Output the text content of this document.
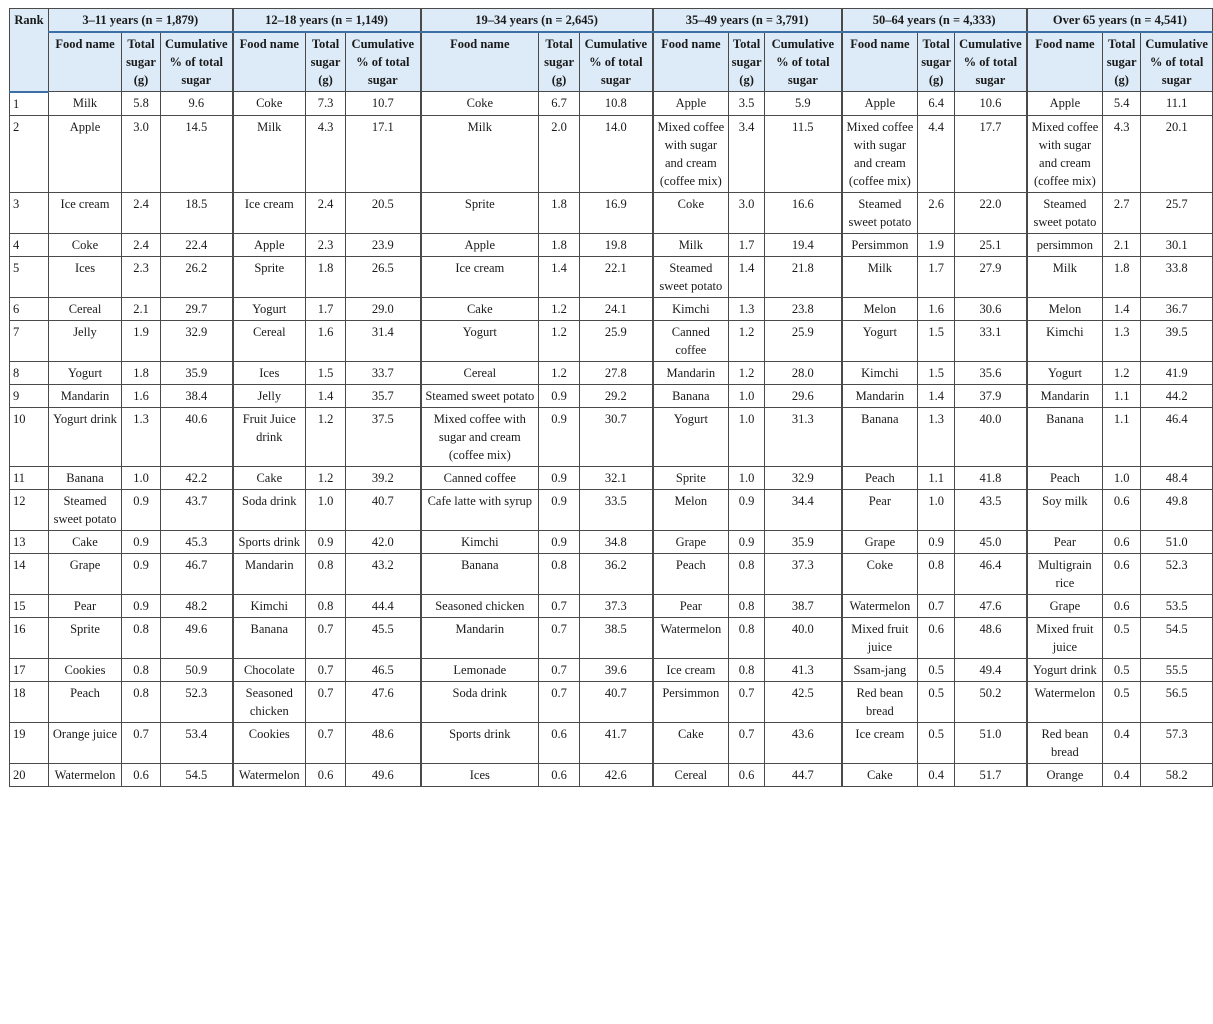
Rank	3–11 years (n = 1,879)			12–18 years (n = 1,149)			19–34 years (n = 2,645)			35–49 years (n = 3,791)			50–64 years (n = 4,333)			Over 65 years (n = 4,541)		
	Food name	Total sugar (g)	Cumulative % of total sugar	Food name	Total sugar (g)	Cumulative % of total sugar	Food name	Total sugar (g)	Cumulative % of total sugar	Food name	Total sugar (g)	Cumulative % of total sugar	Food name	Total sugar (g)	Cumulative % of total sugar	Food name	Total sugar (g)	Cumulative % of total sugar
1	Milk	5.8	9.6	Coke	7.3	10.7	Coke	6.7	10.8	Apple	3.5	5.9	Apple	6.4	10.6	Apple	5.4	11.1
2	Apple	3.0	14.5	Milk	4.3	17.1	Milk	2.0	14.0	Mixed coffee with sugar and cream (coffee mix)	3.4	11.5	Mixed coffee with sugar and cream (coffee mix)	4.4	17.7	Mixed coffee with sugar and cream (coffee mix)	4.3	20.1
3	Ice cream	2.4	18.5	Ice cream	2.4	20.5	Sprite	1.8	16.9	Coke	3.0	16.6	Steamed sweet potato	2.6	22.0	Steamed sweet potato	2.7	25.7
4	Coke	2.4	22.4	Apple	2.3	23.9	Apple	1.8	19.8	Milk	1.7	19.4	Persimmon	1.9	25.1	persimmon	2.1	30.1
5	Ices	2.3	26.2	Sprite	1.8	26.5	Ice cream	1.4	22.1	Steamed sweet potato	1.4	21.8	Milk	1.7	27.9	Milk	1.8	33.8
6	Cereal	2.1	29.7	Yogurt	1.7	29.0	Cake	1.2	24.1	Kimchi	1.3	23.8	Melon	1.6	30.6	Melon	1.4	36.7
7	Jelly	1.9	32.9	Cereal	1.6	31.4	Yogurt	1.2	25.9	Canned coffee	1.2	25.9	Yogurt	1.5	33.1	Kimchi	1.3	39.5
8	Yogurt	1.8	35.9	Ices	1.5	33.7	Cereal	1.2	27.8	Mandarin	1.2	28.0	Kimchi	1.5	35.6	Yogurt	1.2	41.9
9	Mandarin	1.6	38.4	Jelly	1.4	35.7	Steamed sweet potato	0.9	29.2	Banana	1.0	29.6	Mandarin	1.4	37.9	Mandarin	1.1	44.2
10	Yogurt drink	1.3	40.6	Fruit Juice drink	1.2	37.5	Mixed coffee with sugar and cream (coffee mix)	0.9	30.7	Yogurt	1.0	31.3	Banana	1.3	40.0	Banana	1.1	46.4
11	Banana	1.0	42.2	Cake	1.2	39.2	Canned coffee	0.9	32.1	Sprite	1.0	32.9	Peach	1.1	41.8	Peach	1.0	48.4
12	Steamed sweet potato	0.9	43.7	Soda drink	1.0	40.7	Cafe latte with syrup	0.9	33.5	Melon	0.9	34.4	Pear	1.0	43.5	Soy milk	0.6	49.8
13	Cake	0.9	45.3	Sports drink	0.9	42.0	Kimchi	0.9	34.8	Grape	0.9	35.9	Grape	0.9	45.0	Pear	0.6	51.0
14	Grape	0.9	46.7	Mandarin	0.8	43.2	Banana	0.8	36.2	Peach	0.8	37.3	Coke	0.8	46.4	Multigrain rice	0.6	52.3
15	Pear	0.9	48.2	Kimchi	0.8	44.4	Seasoned chicken	0.7	37.3	Pear	0.8	38.7	Watermelon	0.7	47.6	Grape	0.6	53.5
16	Sprite	0.8	49.6	Banana	0.7	45.5	Mandarin	0.7	38.5	Watermelon	0.8	40.0	Mixed fruit juice	0.6	48.6	Mixed fruit juice	0.5	54.5
17	Cookies	0.8	50.9	Chocolate	0.7	46.5	Lemonade	0.7	39.6	Ice cream	0.8	41.3	Ssam-jang	0.5	49.4	Yogurt drink	0.5	55.5
18	Peach	0.8	52.3	Seasoned chicken	0.7	47.6	Soda drink	0.7	40.7	Persimmon	0.7	42.5	Red bean bread	0.5	50.2	Watermelon	0.5	56.5
19	Orange juice	0.7	53.4	Cookies	0.7	48.6	Sports drink	0.6	41.7	Cake	0.7	43.6	Ice cream	0.5	51.0	Red bean bread	0.4	57.3
20	Watermelon	0.6	54.5	Watermelon	0.6	49.6	Ices	0.6	42.6	Cereal	0.6	44.7	Cake	0.4	51.7	Orange	0.4	58.2
